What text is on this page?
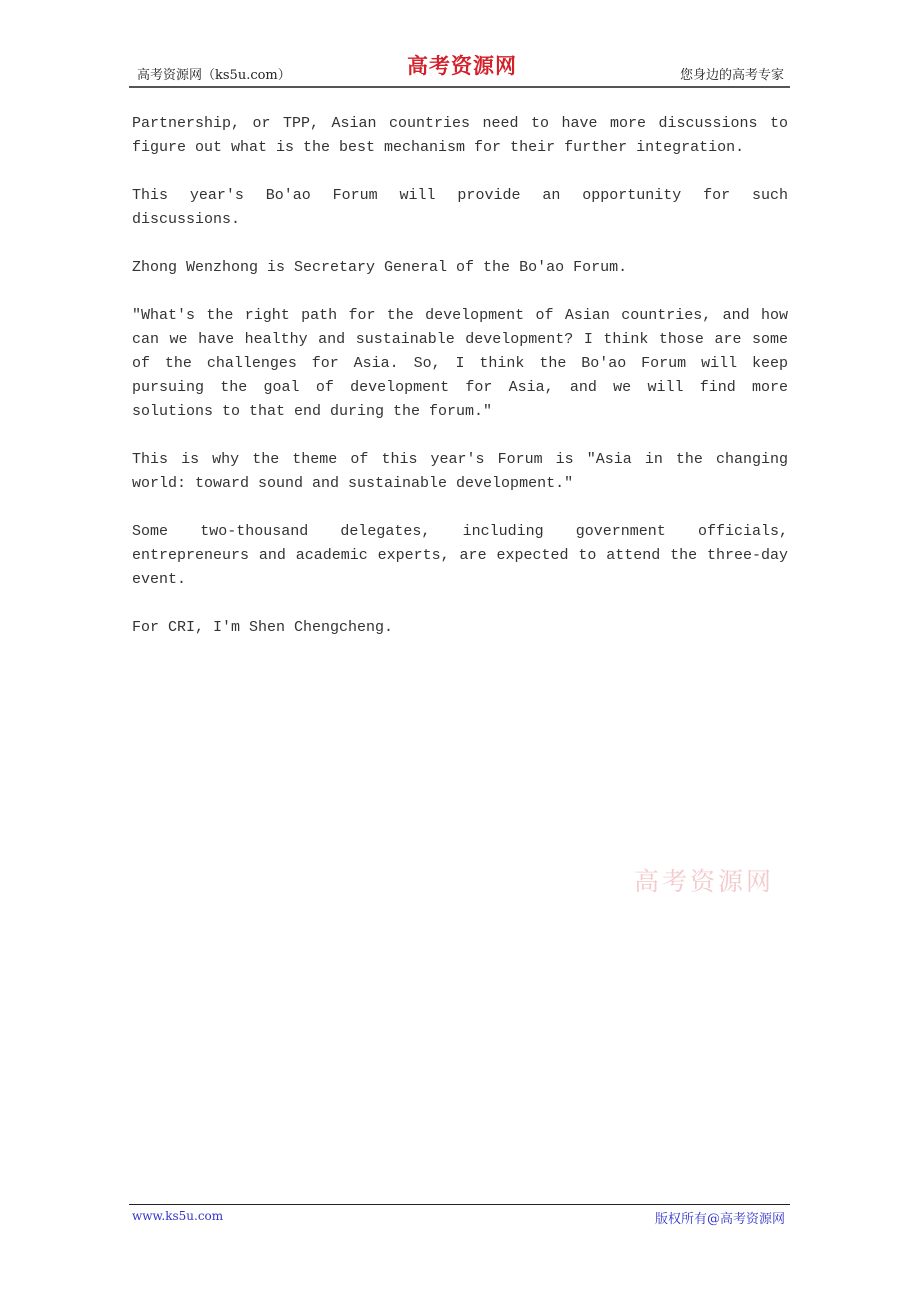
高考资源网（ks5u.com）	高考资源网	您身边的高考专家

Partnership, or TPP, Asian countries need to have more discussions to figure out what is the best mechanism for their further integration.

This year's Bo'ao Forum will provide an opportunity for such discussions.

Zhong Wenzhong is Secretary General of the Bo'ao Forum.

"What's the right path for the development of Asian countries, and how can we have healthy and sustainable development? I think those are some of the challenges for Asia. So, I think the Bo'ao Forum will keep pursuing the goal of development for Asia, and we will find more solutions to that end during the forum."

This is why the theme of this year's Forum is "Asia in the changing world: toward sound and sustainable development."

Some two-thousand delegates, including government officials, entrepreneurs and academic experts, are expected to attend the three-day event.

For CRI, I'm Shen Chengcheng.

高考资源网
www.ks5u.com	版权所有@高考资源网
